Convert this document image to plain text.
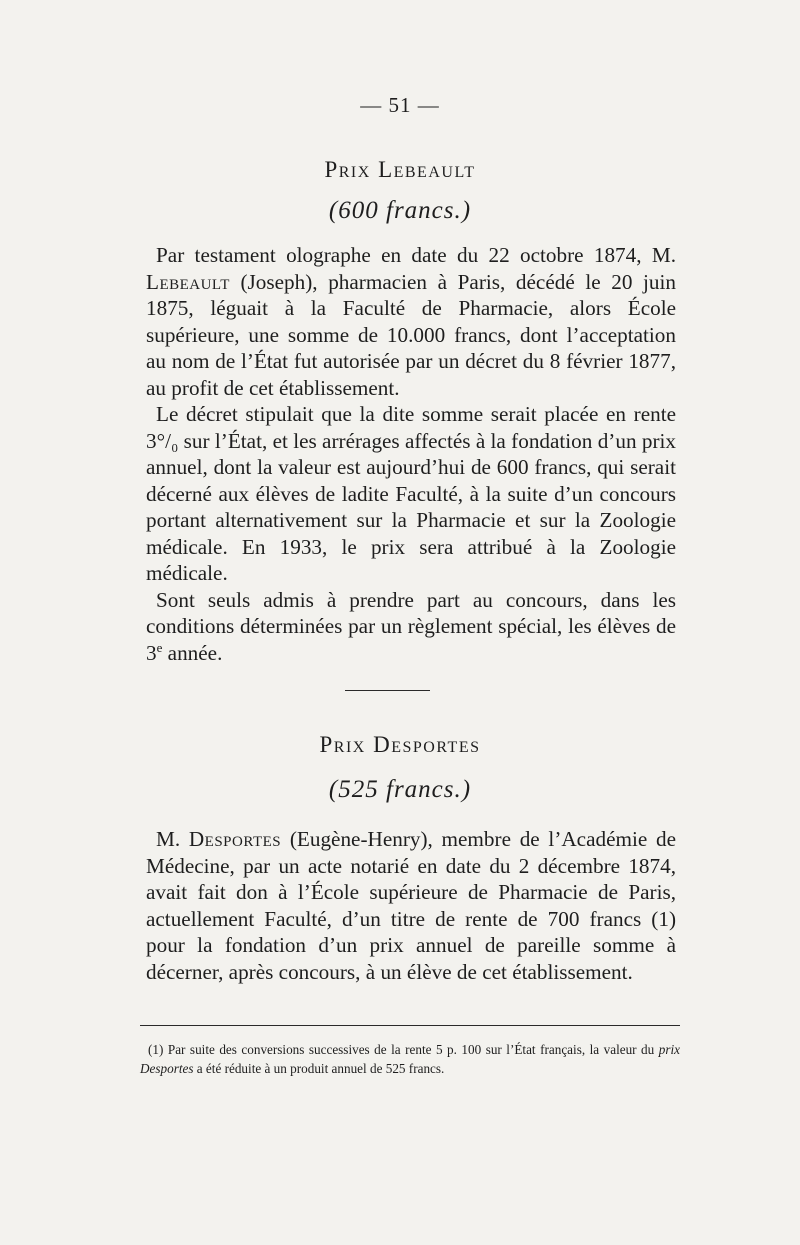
— 51 —
Prix Lebeault
(600 francs.)

Par testament olographe en date du 22 octobre 1874, M. Lebeault (Joseph), pharmacien à Paris, décédé le 20 juin 1875, léguait à la Faculté de Pharmacie, alors École supérieure, une somme de 10.000 francs, dont l’acceptation au nom de l’État fut autorisée par un décret du 8 février 1877, au profit de cet établissement.

Le décret stipulait que la dite somme serait placée en rente 3°/₀ sur l’État, et les arrérages affectés à la fondation d’un prix annuel, dont la valeur est aujourd’hui de 600 francs, qui serait décerné aux élèves de ladite Faculté, à la suite d’un concours portant alternativement sur la Pharmacie et sur la Zoologie médicale. En 1933, le prix sera attribué à la Zoologie médicale.

Sont seuls admis à prendre part au concours, dans les conditions déterminées par un règlement spécial, les élèves de 3e année.

Prix Desportes
(525 francs.)

M. Desportes (Eugène-Henry), membre de l’Académie de Médecine, par un acte notarié en date du 2 décembre 1874, avait fait don à l’École supérieure de Pharmacie de Paris, actuellement Faculté, d’un titre de rente de 700 francs (1) pour la fondation d’un prix annuel de pareille somme à décerner, après concours, à un élève de cet établissement.

(1) Par suite des conversions successives de la rente 5 p. 100 sur l’État français, la valeur du prix Desportes a été réduite à un produit annuel de 525 francs.
